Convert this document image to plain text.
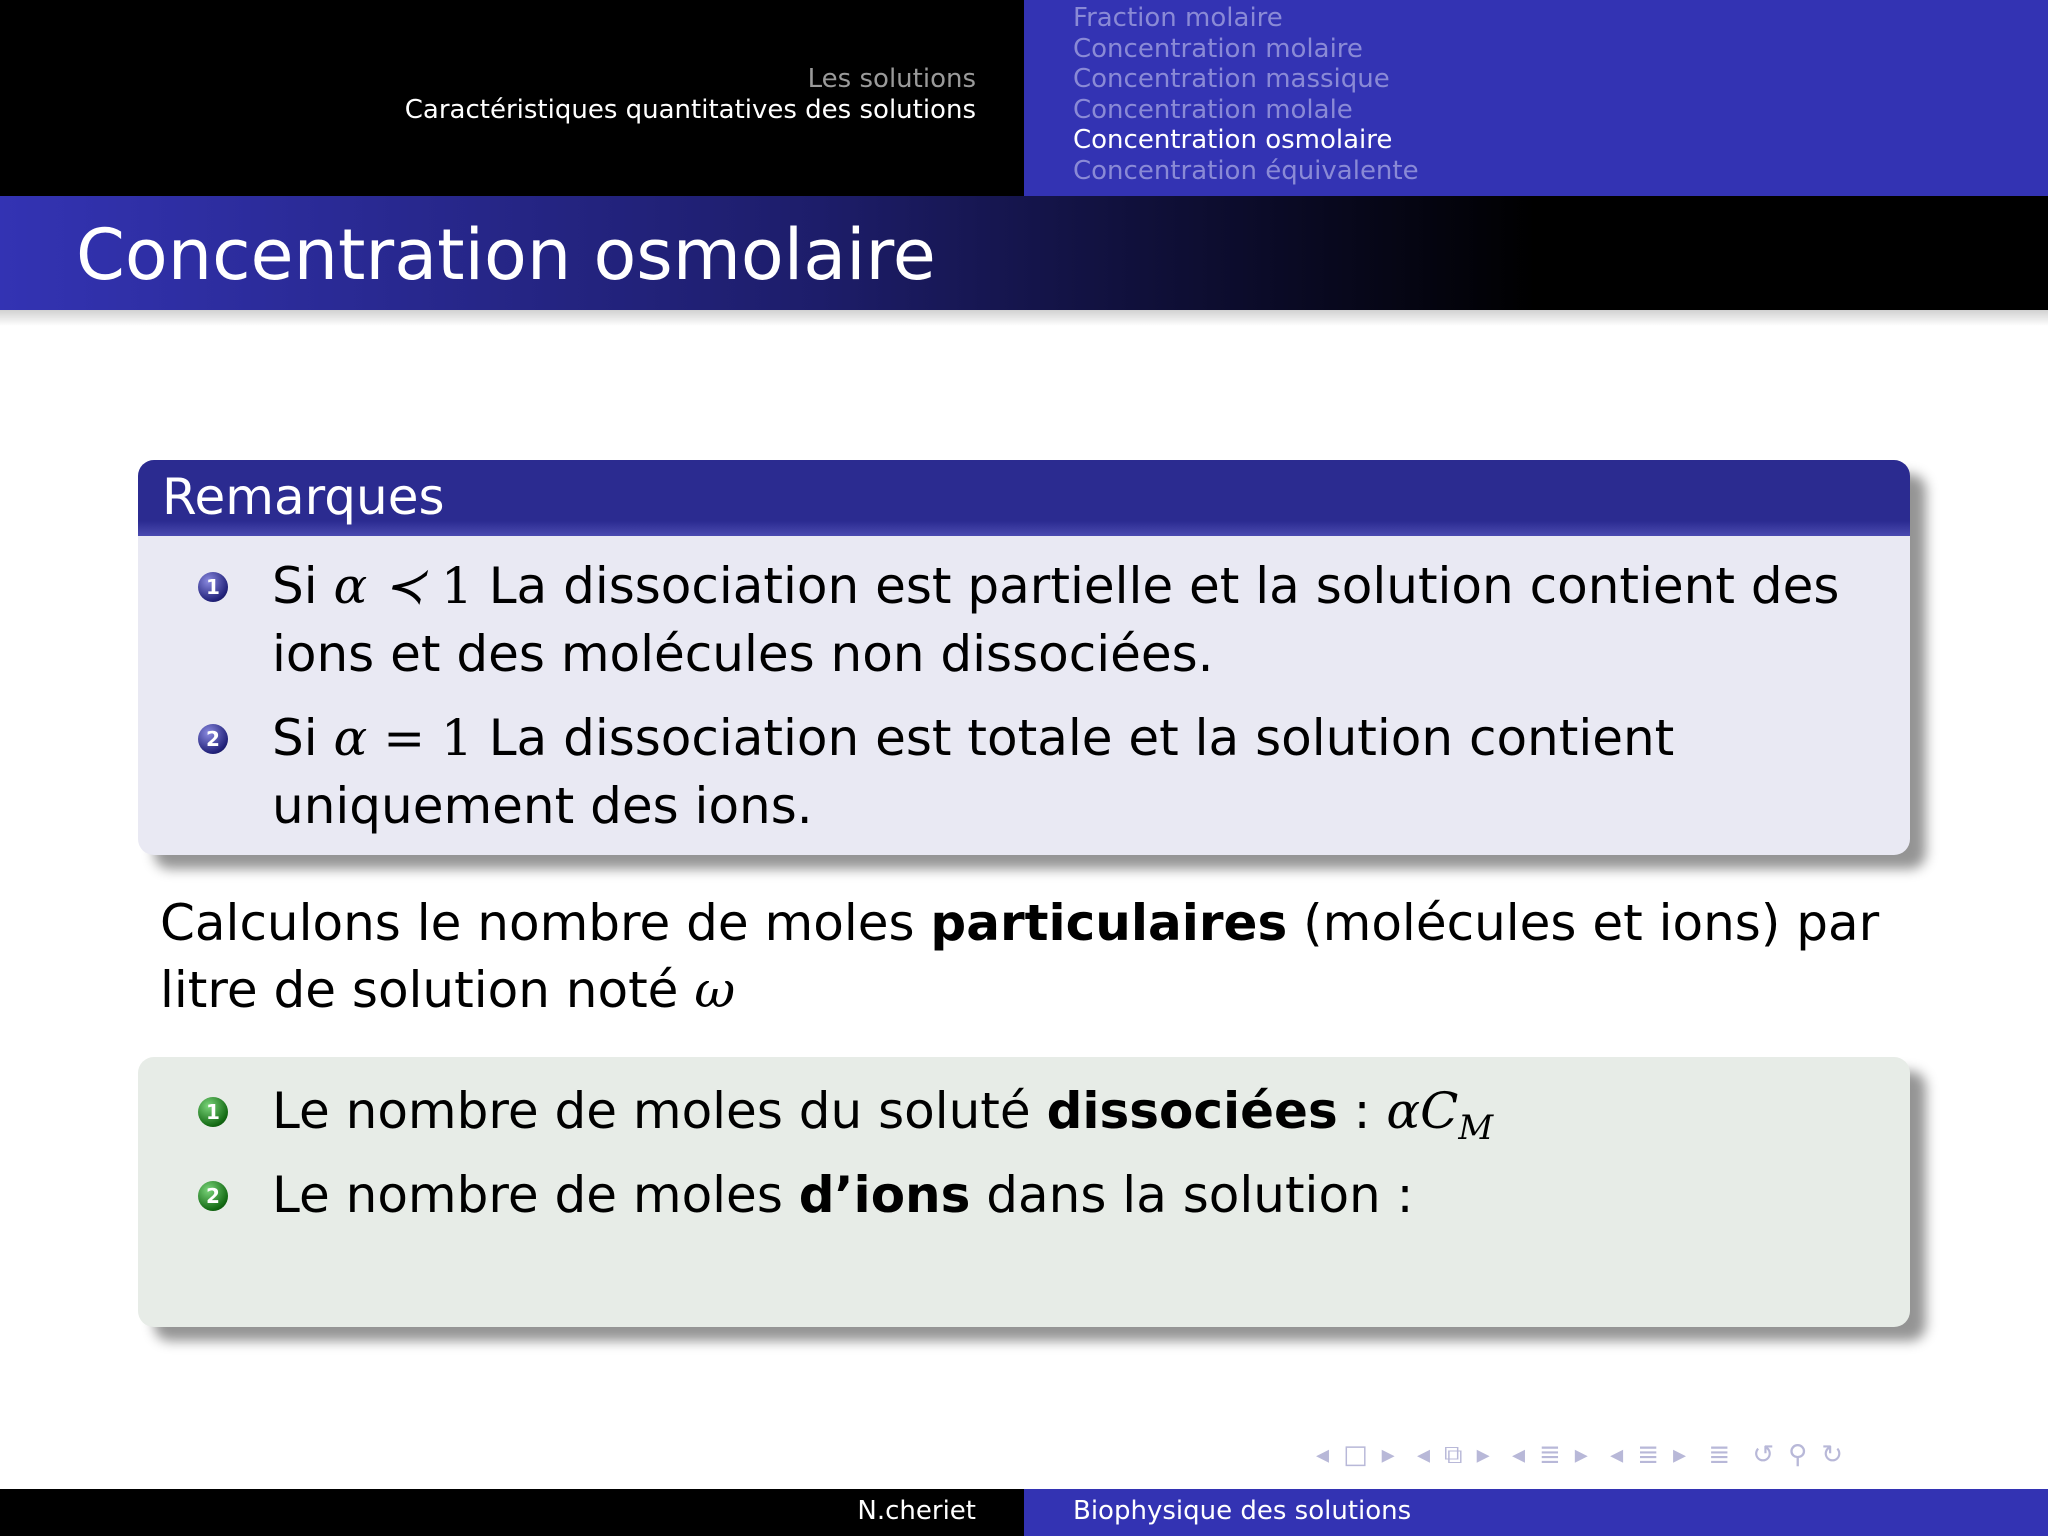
Les solutions
Caractéristiques quantitatives des solutions
Fraction molaire
Concentration molaire
Concentration massique
Concentration molale
Concentration osmolaire
Concentration équivalente
Concentration osmolaire
Remarques
1 Si α ≺ 1 La dissociation est partielle et la solution contient des ions et des molécules non dissociées.
2 Si α = 1 La dissociation est totale et la solution contient uniquement des ions.
Calculons le nombre de moles particulaires (molécules et ions) par litre de solution noté ω
1 Le nombre de moles du soluté dissociées : $\alpha C_M$
2 Le nombre de moles d’ions dans la solution :
◂ □ ▸ ◂ ⧉ ▸ ◂ ≣ ▸ ◂ ≣ ▸ ≣ ↺ ⚲ ↻
N.cheriet	Biophysique des solutions
